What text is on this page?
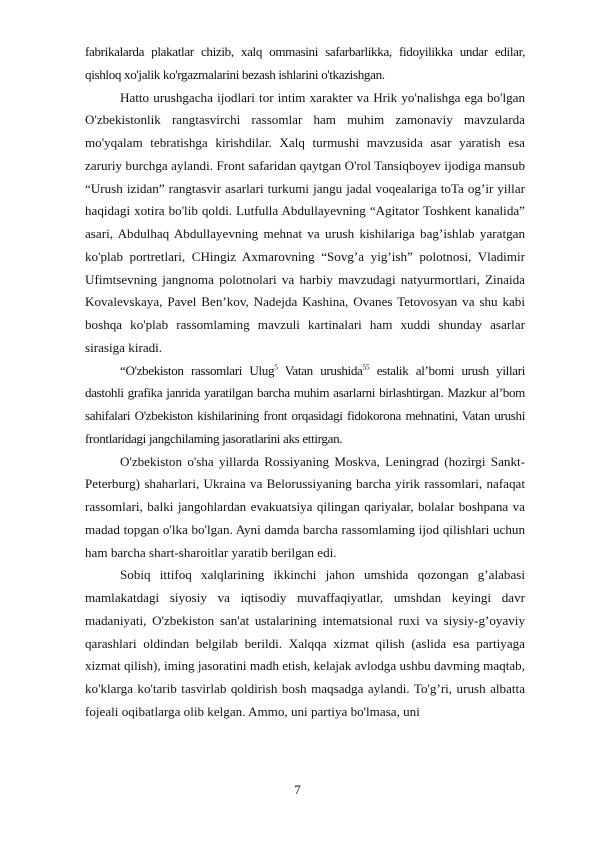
fabrikalarda plakatlar chizib, xalq ommasini safarbarlikka, fidoyilikka undar edilar, qishloq xo'jalik ko'rgazmalarini bezash ishlarini o'tkazishgan.

Hatto urushgacha ijodlari tor intim xarakter va Hrik yo'nalishga ega bo'lgan O'zbekistonlik rangtasvirchi rassomlar ham muhim zamonaviy mavzularda mo'yqalam tebratishga kirishdilar. Xalq turmushi mavzusida asar yaratish esa zaruriy burchga aylandi. Front safaridan qaytgan O'rol Tansiqboyev ijodiga mansub “Urush izidan” rangtasvir asarlari turkumi jangu jadal voqealariga toTa og’ir yillar haqidagi xotira bo'lib qoldi. Lutfulla Abdullayevning “Agitator Toshkent kanalida” asari, Abdulhaq Abdullayevning mehnat va urush kishilariga bag’ishlab yaratgan ko'plab portretlari, CHingiz Axmarovning “Sovg’a yig’ish” polotnosi, Vladimir Ufimtsevning jangnoma polotnolari va harbiy mavzudagi natyurmortlari, Zinaida Kovalevskaya, Pavel Ben’kov, Nadejda Kashina, Ovanes Tetovosyan va shu kabi boshqa ko'plab rassomlaming mavzuli kartinalari ham xuddi shunday asarlar sirasiga kiradi.

“O'zbekiston rassomlari Ulug$^5$ Vatan urushida$^{55}$ estalik al’bomi urush yillari dastohli grafika janrida yaratilgan barcha muhim asarlarni birlashtirgan. Mazkur al’bom sahifalari O'zbekiston kishilarining front orqasidagi fidokorona mehnatini, Vatan urushi frontlaridagi jangchilaming jasoratlarini aks ettirgan.

O'zbekiston o'sha yillarda Rossiyaning Moskva, Leningrad (hozirgi Sankt-Peterburg) shaharlari, Ukraina va Belorussiyaning barcha yirik rassomlari, nafaqat rassomlari, balki jangohlardan evakuatsiya qilingan qariyalar, bolalar boshpana va madad topgan o'lka bo'lgan. Ayni damda barcha rassomlaming ijod qilishlari uchun ham barcha shart-sharoitlar yaratib berilgan edi.

Sobiq ittifoq xalqlarining ikkinchi jahon umshida qozongan g’alabasi mamlakatdagi siyosiy va iqtisodiy muvaffaqiyatlar, umshdan keyingi davr madaniyati, O'zbekiston san'at ustalarining intematsional ruxi va siysiy-g’oyaviy qarashlari oldindan belgilab berildi. Xalqqa xizmat qilish (aslida esa partiyaga xizmat qilish), iming jasoratini madh etish, kelajak avlodga ushbu davming maqtab, ko'klarga ko'tarib tasvirlab qoldirish bosh maqsadga aylandi. To'g’ri, urush albatta fojeali oqibatlarga olib kelgan. Ammo, uni partiya bo'lmasa, uni

7
